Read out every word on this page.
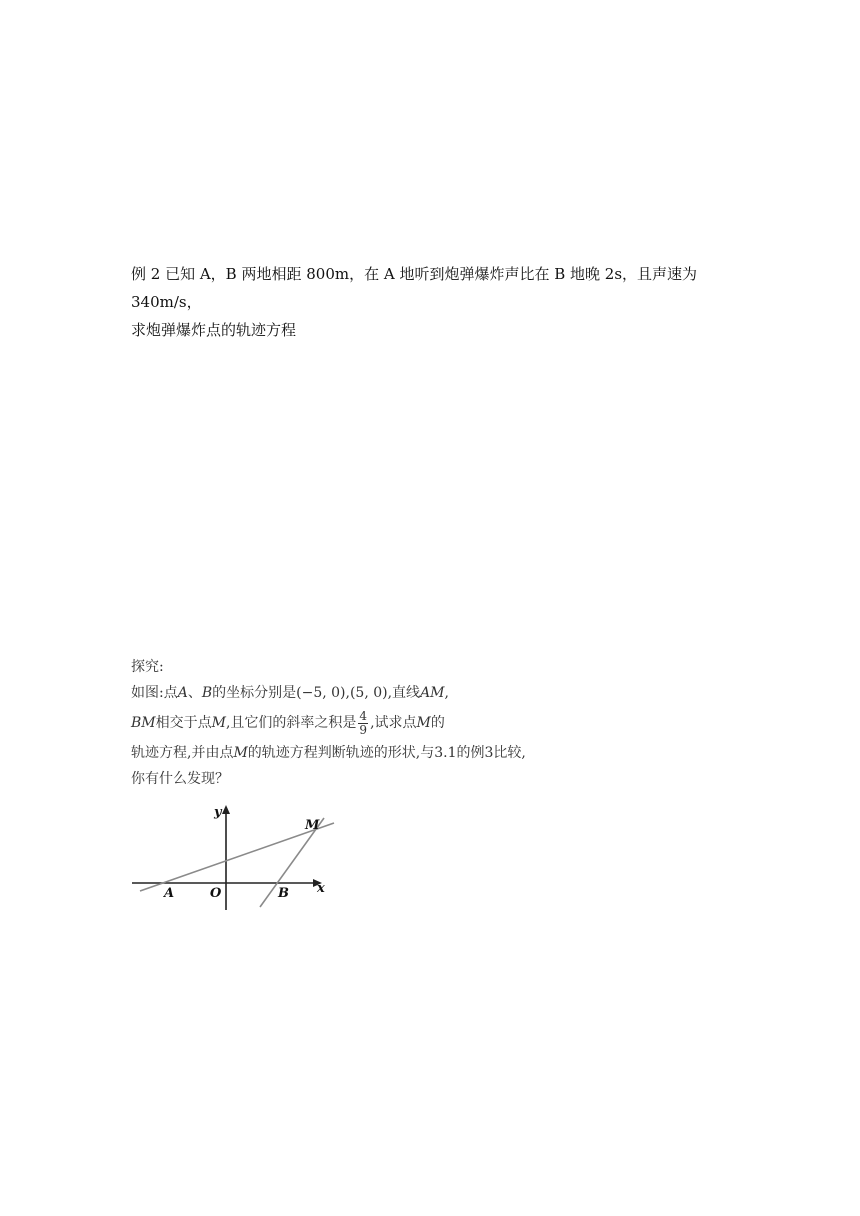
例 2 已知 A，B 两地相距 800m，在 A 地听到炮弹爆炸声比在 B 地晚 2s，且声速为 340m/s，
求炮弹爆炸点的轨迹方程
探究:
如图:点A、B的坐标分别是(−5, 0),(5, 0),直线AM,
BM相交于点M,且它们的斜率之积是 $\frac{4}{9}$ ,试求点M的
轨迹方程,并由点M的轨迹方程判断轨迹的形状,与3.1的例3比较,
你有什么发现？
y
x
M
A	O	B
